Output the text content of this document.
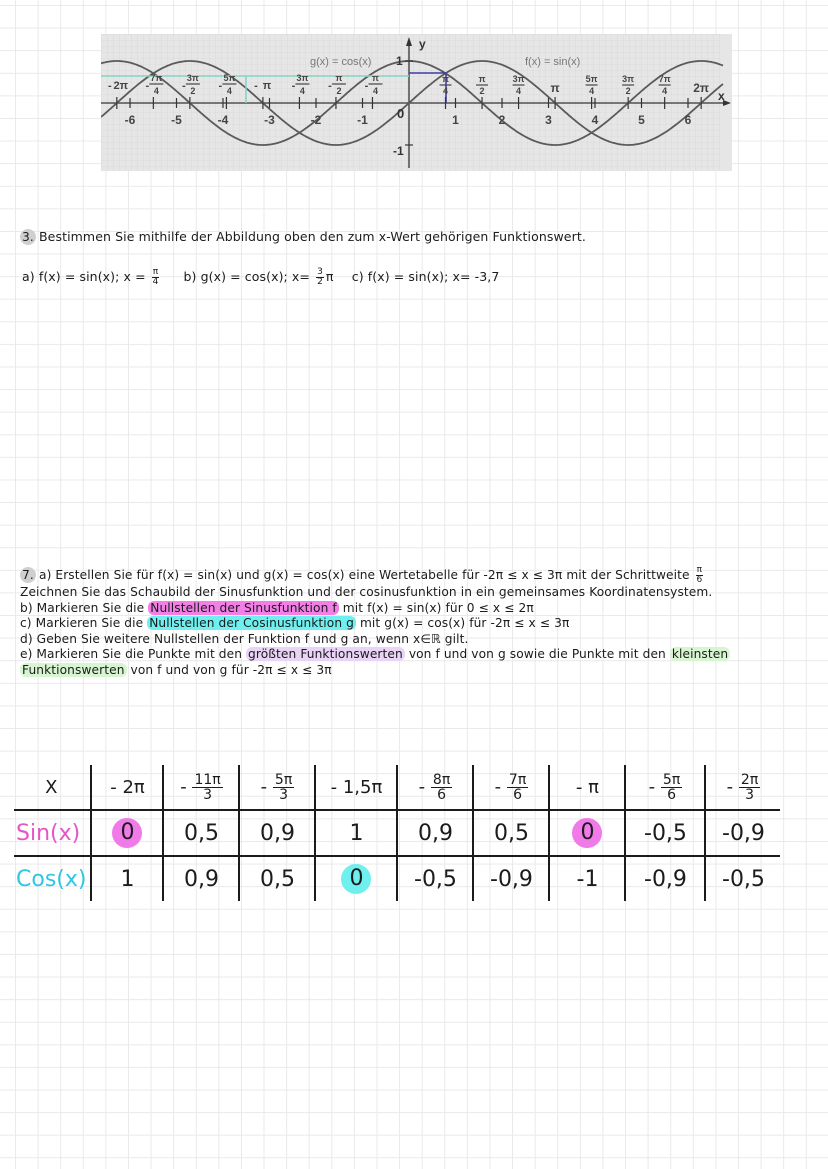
-6	-5	-4	-3	-2	-1	1	2	3	4	5	6
- 2π -
7π
4 -
3π
2 -
5π
4 - π -
3π
4 -
π
2 -
π
4
π
4
π
2
3π
4 π
5π
4
3π
2
7π
4 2π
g(x) = cos(x)	f(x) = sin(x)
y
x
0
1
-1
3. Bestimmen Sie mithilfe der Abbildung oben den zum x-Wert gehörigen Funktionswert.
a) f(x) = sin(x); $x = \frac{\pi}{4} b$) g(x) = cos(x); $x= \frac{3}{2}$ π c) f(x) = sin(x); x= -3,7
7. a) Erstellen Sie für f(x) = sin(x) und g(x) = cos(x) eine Wertetabelle für -2π ≤ x ≤ 3π mit der Schrittweite $\frac{\pi}{6}$
Zeichnen Sie das Schaubild der Sinusfunktion und der cosinusfunktion in ein gemeinsames Koordinatensystem.
b) Markieren Sie die Nullstellen der Sinusfunktion f mit f(x) = sin(x) für 0 ≤ x ≤ 2π
c) Markieren Sie die Nullstellen der Cosinusfunktion g mit g(x) = cos(x) für -2π ≤ x ≤ 3π
d) Geben Sie weitere Nullstellen der Funktion f und g an, wenn x∈ℝ gilt.
e) Markieren Sie die Punkte mit den größten Funktionswerten von f und von g sowie die Punkte mit den kleinsten
Funktionswerten von f und von g für -2π ≤ x ≤ 3π
X	- 2π	- $\frac{11\pi}{3}$	- $\frac{5\pi}{3}$	- 1,5π	- $\frac{8\pi}{6}$	- $\frac{7\pi}{6}$	- π	- $\frac{5\pi}{6}$	- $\frac{2\pi}{3}$

Sin(x)	0	0,5	0,9	1	0,9	0,5	0	-0,5	-0,9
Cos(x)	1	0,9	0,5	0	-0,5	-0,9	-1	-0,9	-0,5
